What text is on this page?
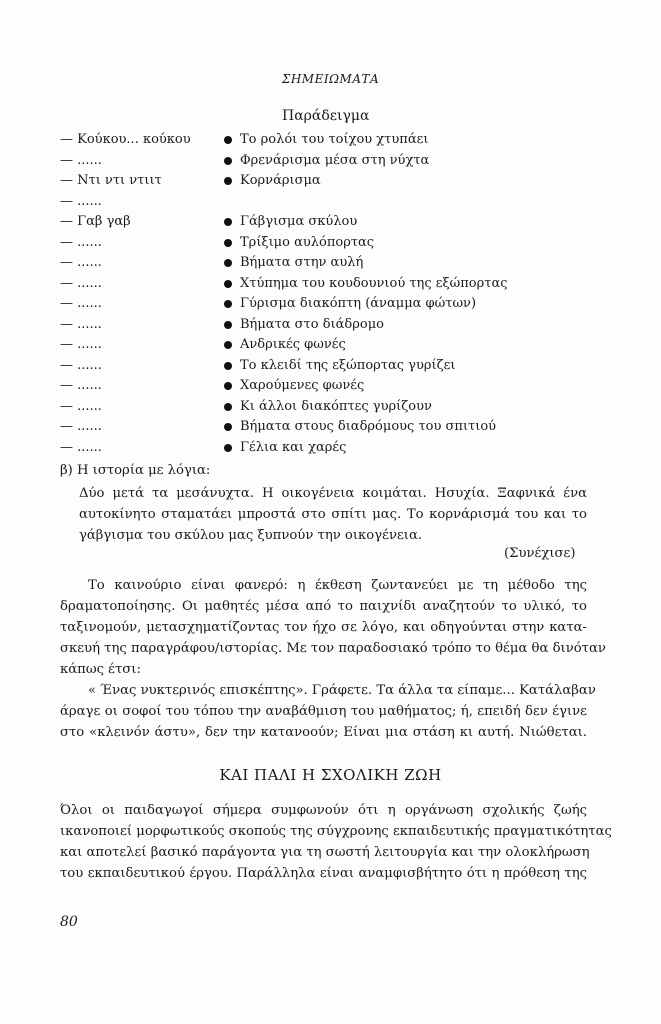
ΣΗΜΕΙΩΜΑΤΑ
Παράδειγμα
— Κούκου... κούκου	Το ρολόι του τοίχου χτυπάει
— ......	Φρενάρισμα μέσα στη νύχτα
— Ντι ντι ντιιτ	Κορνάρισμα
— ......
— Γαβ γαβ	Γάβγισμα σκύλου
— ......	Τρίξιμο αυλόπορτας
— ......	Βήματα στην αυλή
— ......	Χτύπημα του κουδουνιού της εξώπορτας
— ......	Γύρισμα διακόπτη (άναμμα φώτων)
— ......	Βήματα στο διάδρομο
— ......	Ανδρικές φωνές
— ......	Το κλειδί της εξώπορτας γυρίζει
— ......	Χαρούμενες φωνές
— ......	Κι άλλοι διακόπτες γυρίζουν
— ......	Βήματα στους διαδρόμους του σπιτιού
— ......	Γέλια και χαρές
β) Η ιστορία με λόγια:
Δύο μετά τα μεσάνυχτα. Η οικογένεια κοιμάται. Ησυχία. Ξαφνικά ένα
αυτοκίνητο σταματάει μπροστά στο σπίτι μας. Το κορνάρισμά του και το
γάβγισμα του σκύλου μας ξυπνούν την οικογένεια.
(Συνέχισε)
Το καινούριο είναι φανερό: η έκθεση ζωντανεύει με τη μέθοδο της
δραματοποίησης. Οι μαθητές μέσα από το παιχνίδι αναζητούν το υλικό, το
ταξινομούν, μετασχηματίζοντας τον ήχο σε λόγο, και οδηγούνται στην κατα-
σκευή της παραγράφου/ιστορίας. Με τον παραδοσιακό τρόπο το θέμα θα δινόταν
κάπως έτσι:
« Ένας νυκτερινός επισκέπτης». Γράφετε. Τα άλλα τα είπαμε... Κατάλαβαν
άραγε οι σοφοί του τόπου την αναβάθμιση του μαθήματος; ή, επειδή δεν έγινε
στο «κλεινόν άστυ», δεν την κατανοούν; Είναι μια στάση κι αυτή. Νιώθεται.
ΚΑΙ ΠΑΛΙ Η ΣΧΟΛΙΚΗ ΖΩΗ
Όλοι οι παιδαγωγοί σήμερα συμφωνούν ότι η οργάνωση σχολικής ζωής
ικανοποιεί μορφωτικούς σκοπούς της σύγχρονης εκπαιδευτικής πραγματικότητας
και αποτελεί βασικό παράγοντα για τη σωστή λειτουργία και την ολοκλήρωση
του εκπαιδευτικού έργου. Παράλληλα είναι αναμφισβήτητο ότι η πρόθεση της
80
